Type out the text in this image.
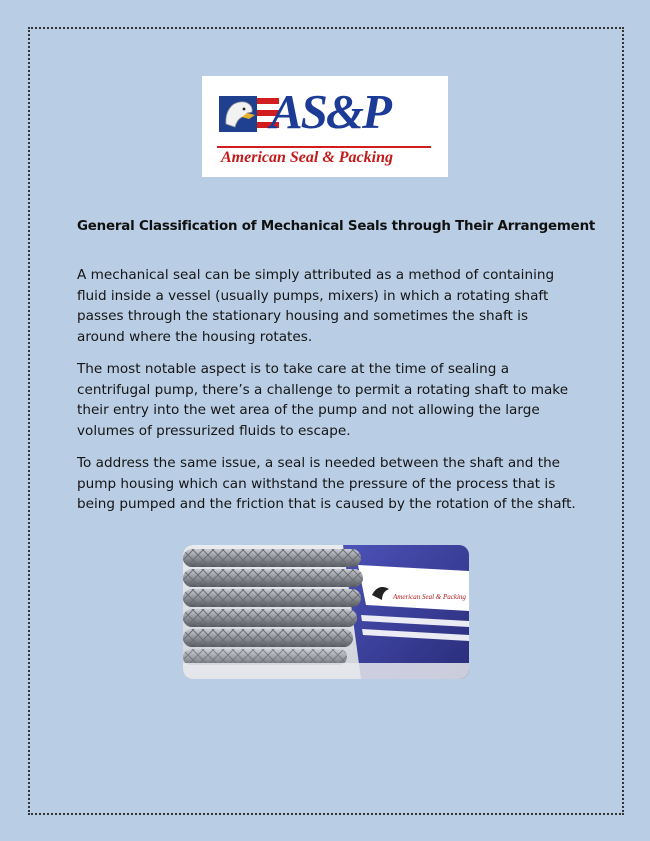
AS&P
American Seal & Packing
General Classification of Mechanical Seals through Their Arrangement

A mechanical seal can be simply attributed as a method of containing fluid inside a vessel (usually pumps, mixers) in which a rotating shaft passes through the stationary housing and sometimes the shaft is around where the housing rotates.

The most notable aspect is to take care at the time of sealing a centrifugal pump, there’s a challenge to permit a rotating shaft to make their entry into the wet area of the pump and not allowing the large volumes of pressurized fluids to escape.

To address the same issue, a seal is needed between the shaft and the pump housing which can withstand the pressure of the process that is being pumped and the friction that is caused by the rotation of the shaft.

American Seal & Packing
